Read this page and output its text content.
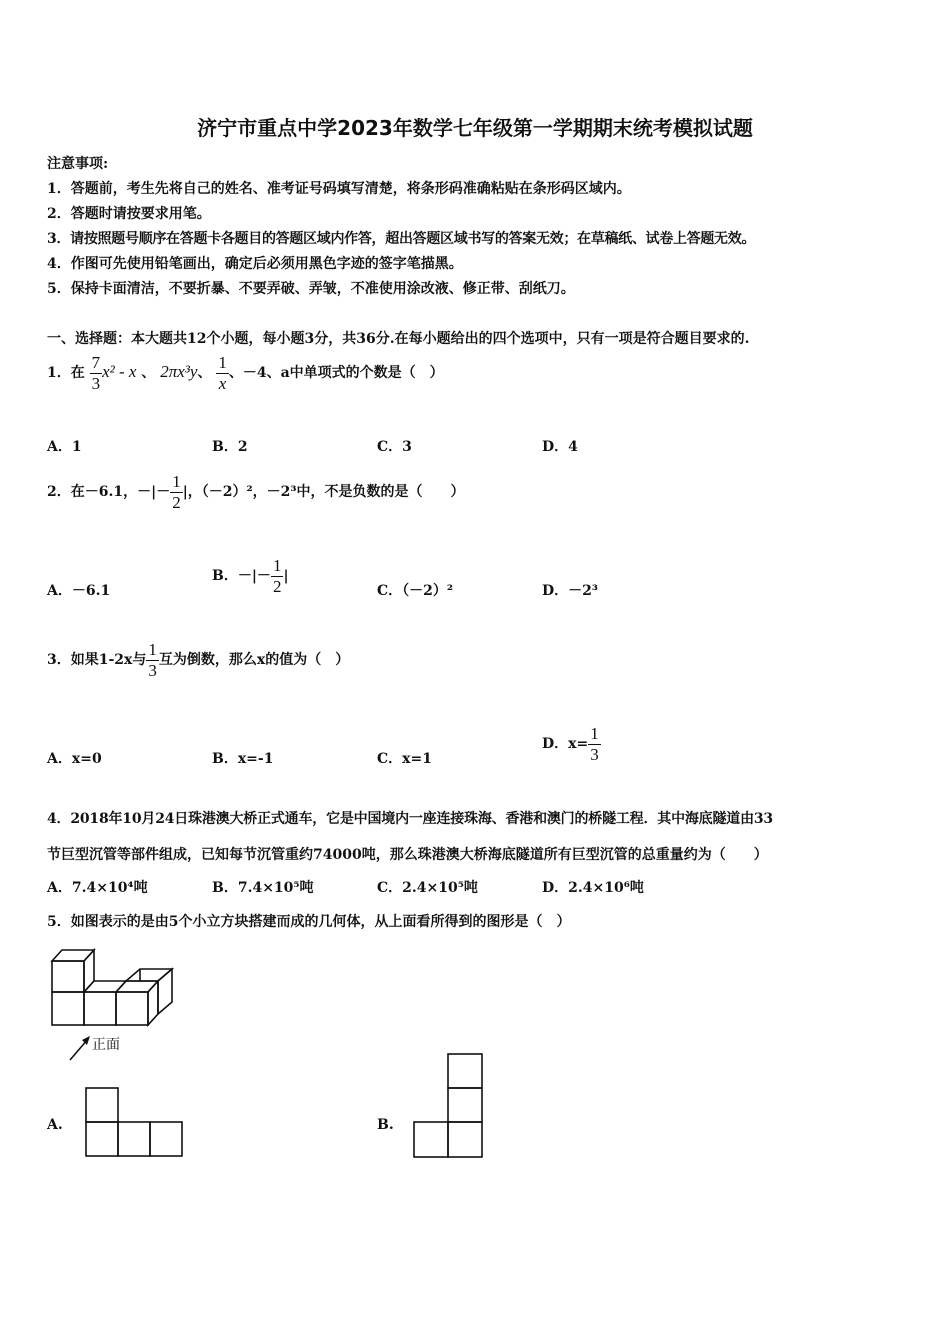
济宁市重点中学2023年数学七年级第一学期期末统考模拟试题
注意事项:
1．答题前，考生先将自己的姓名、准考证号码填写清楚，将条形码准确粘贴在条形码区域内。
2．答题时请按要求用笔。
3．请按照题号顺序在答题卡各题目的答题区域内作答，超出答题区域书写的答案无效；在草稿纸、试卷上答题无效。
4．作图可先使用铅笔画出，确定后必须用黑色字迹的签字笔描黑。
5．保持卡面清洁，不要折暴、不要弄破、弄皱，不准使用涂改液、修正带、刮纸刀。
一、选择题：本大题共12个小题，每小题3分，共36分.在每小题给出的四个选项中，只有一项是符合题目要求的.
1．在 $\frac{7}{3} x^2$ - x 、 2πx³y、 $\frac{1}{x}$ 、－4、a中单项式的个数是（　）
A．1	B．2	C．3	D．4
2．在－6.1，－|－ $\frac{1}{2}$ |，（－2）²，－2³中，不是负数的是（　　）
A．－6.1
B．－|－ $\frac{1}{2}$ |
C．（－2）²	D．－2³
3．如果1-2x与 $\frac{1}{3}$ 互为倒数，那么x的值为（　）
A．x=0	B．x=-1	C．x=1
D．$x= \frac{1}{3}$
4．2018年10月24日珠港澳大桥正式通车，它是中国境内一座连接珠海、香港和澳门的桥隧工程．其中海底隧道由33
节巨型沉管等部件组成，已知每节沉管重约74000吨，那么珠港澳大桥海底隧道所有巨型沉管的总重量约为（　　）
A．7.4×10⁴吨	B．7.4×10⁵吨	C．2.4×10⁵吨	D．2.4×10⁶吨
5．如图表示的是由5个小立方块搭建而成的几何体，从上面看所得到的图形是（　）
正面
A.	B.
